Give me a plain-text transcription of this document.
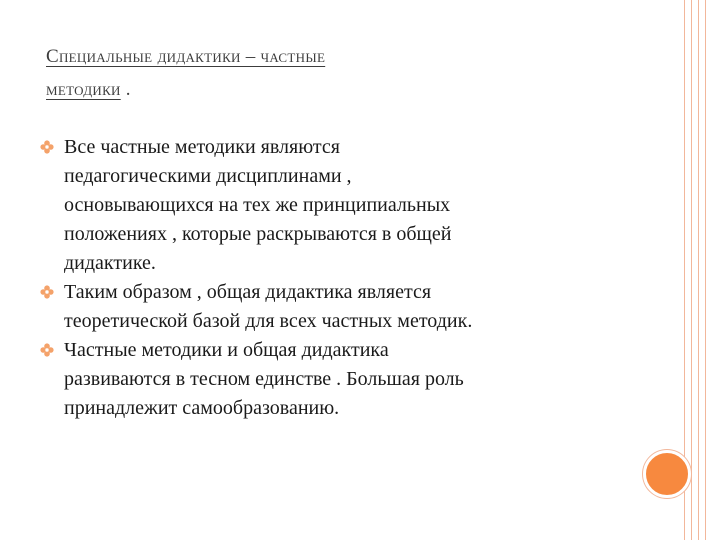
Специальные дидактики – частные
методики .
Все частные методики являются
педагогическими дисциплинами ,
основывающихся на тех же принципиальных
положениях , которые раскрываются в общей
дидактике.
Таким образом , общая дидактика является
теоретической базой для всех частных методик.
Частные методики и общая дидактика
развиваются в тесном единстве . Большая роль
принадлежит самообразованию.
